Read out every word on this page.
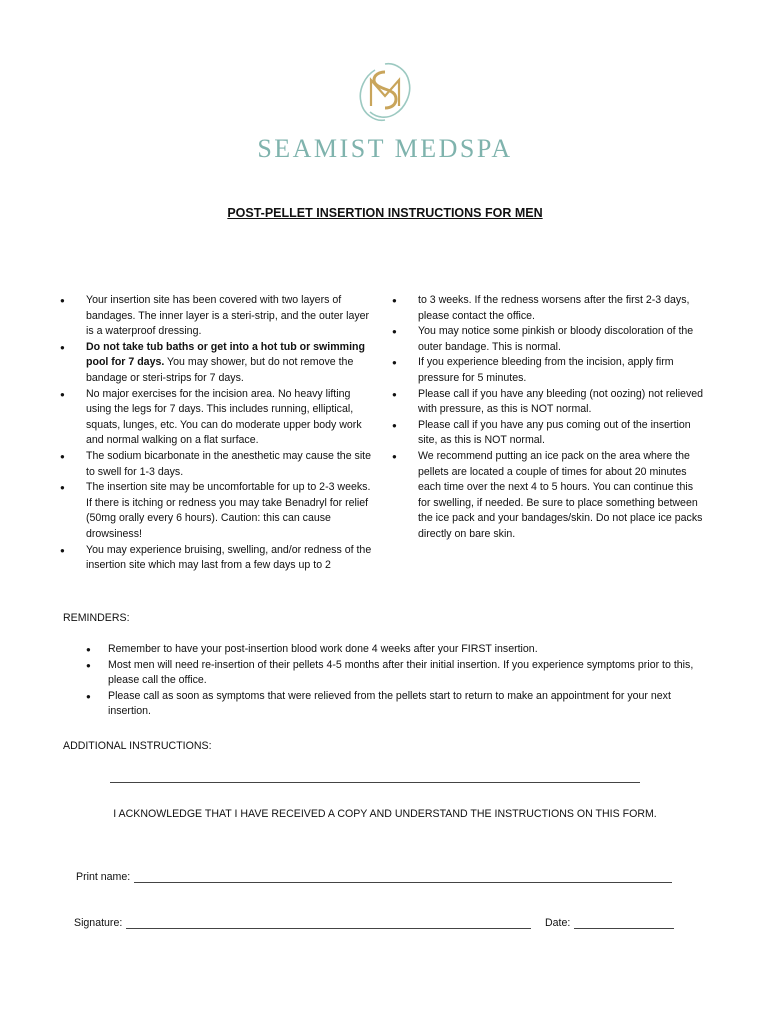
SEAMIST MEDSPA
POST-PELLET INSERTION INSTRUCTIONS FOR MEN
● Your insertion site has been covered with two layers of bandages. The inner layer is a steri-strip, and the outer layer is a waterproof dressing.
● Do not take tub baths or get into a hot tub or swimming pool for 7 days. You may shower, but do not remove the bandage or steri-strips for 7 days.
● No major exercises for the incision area. No heavy lifting using the legs for 7 days. This includes running, elliptical, squats, lunges, etc. You can do moderate upper body work and normal walking on a flat surface.
● The sodium bicarbonate in the anesthetic may cause the site to swell for 1-3 days.
● The insertion site may be uncomfortable for up to 2-3 weeks. If there is itching or redness you may take Benadryl for relief (50mg orally every 6 hours). Caution: this can cause drowsiness!
● You may experience bruising, swelling, and/or redness of the insertion site which may last from a few days up to 2
● to 3 weeks. If the redness worsens after the first 2-3 days, please contact the office.
● You may notice some pinkish or bloody discoloration of the outer bandage. This is normal.
● If you experience bleeding from the incision, apply firm pressure for 5 minutes.
● Please call if you have any bleeding (not oozing) not relieved with pressure, as this is NOT normal.
● Please call if you have any pus coming out of the insertion site, as this is NOT normal.
● We recommend putting an ice pack on the area where the pellets are located a couple of times for about 20 minutes each time over the next 4 to 5 hours. You can continue this for swelling, if needed. Be sure to place something between the ice pack and your bandages/skin. Do not place ice packs directly on bare skin.
REMINDERS:
● Remember to have your post-insertion blood work done 4 weeks after your FIRST insertion.
● Most men will need re-insertion of their pellets 4-5 months after their initial insertion. If you experience symptoms prior to this, please call the office.
● Please call as soon as symptoms that were relieved from the pellets start to return to make an appointment for your next insertion.
ADDITIONAL INSTRUCTIONS:
I ACKNOWLEDGE THAT I HAVE RECEIVED A COPY AND UNDERSTAND THE INSTRUCTIONS ON THIS FORM.
Print name:
Signature:	Date:
